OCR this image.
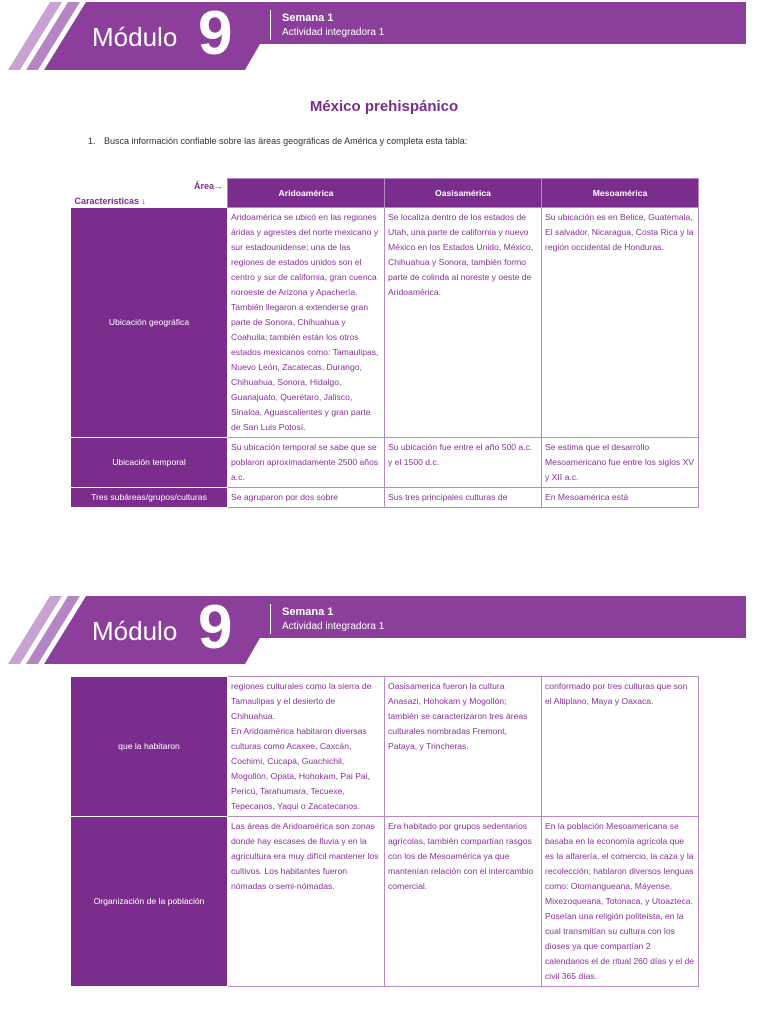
Módulo 9	Semana 1
Actividad integradora 1
México prehispánico
1. Busca información confiable sobre las áreas geográficas de América y completa esta tabla:
Área→
Características ↓	Aridoamérica	Oasisamérica	Mesoamérica
Ubicación geográfica	Aridoamérica se ubicó en las regiones áridas y agrestes del norte mexicano y sur estadounidense; una de las regiones de estados unidos son el centro y sur de california, gran cuenca noroeste de Arizona y Apachería. También llegaron a extenderse gran parte de Sonora, Chihuahua y Coahuila; también están los otros estados mexicanos como: Tamaulipas, Nuevo León, Zacatecas, Durango, Chihuahua, Sonora, Hidalgo, Guanajuato, Querétaro, Jalisco, Sinaloa, Aguascalientes y gran parte de San Luis Potosí.	Se localiza dentro de los estados de Utah, una parte de california y nuevo México en los Estados Unido, México, Chihuahua y Sonora, también formo parte de colinda al noreste y oeste de Aridoamérica.	Su ubicación es en Belice, Guatemala, El salvador, Nicaragua, Costa Rica y la región occidental de Honduras.
Ubicación temporal	Su ubicación temporal se sabe que se poblaron aproximadamente 2500 años a.c.	Su ubicación fue entre el año 500 a.c. y el 1500 d.c.	Se estima que el desarrollo Mesoamericano fue entre los siglos XV y XII a.c.
Tres subáreas/grupos/culturas	Se agruparon por dos sobre	Sus tres principales culturas de	En Mesoamérica está
Módulo 9	Semana 1
Actividad integradora 1
que la habitaron	regiones culturales como la sierra de Tamaulipas y el desierto de Chihuahua.
En Aridoamérica habitaron diversas culturas como Acaxee, Caxcán, Cochimí, Cucapá, Guachichil, Mogollón, Opata, Hohokam, Pai Pai, Pericú, Tarahumara, Tecuexe, Tepecanos, Yaqui o Zacatecanos.	Oasisamerica fueron la cultura Anasazi, Hohokam y Mogollón; también se caracterizaron tres áreas culturales nombradas Fremont, Pataya, y Trincheras.	conformado por tres culturas que son el Altiplano, Maya y Oaxaca.
Organización de la población	Las áreas de Aridoamérica son zonas donde hay escases de lluvia y en la agricultura era muy difícil mantener los cultivos. Los habitantes fueron nómadas o semi-nómadas.	Era habitado por grupos sedentarios agrícolas, también compartían rasgos con los de Mesoamérica ya que mantenían relación con el intercambio comercial.	En la población Mesoamericana se basaba en la economía agrícola que es la alfarería, el comercio, la caza y la recolección; hablaron diversos lenguas como: Otomangueana, Máyense, Mixezoqueana, Totonaca, y Utoazteca. Poseían una religión politeísta, en la cual transmitían su cultura con los dioses ya que compartían 2 calendarios el de ritual 260 días y el de civil 365 días.
